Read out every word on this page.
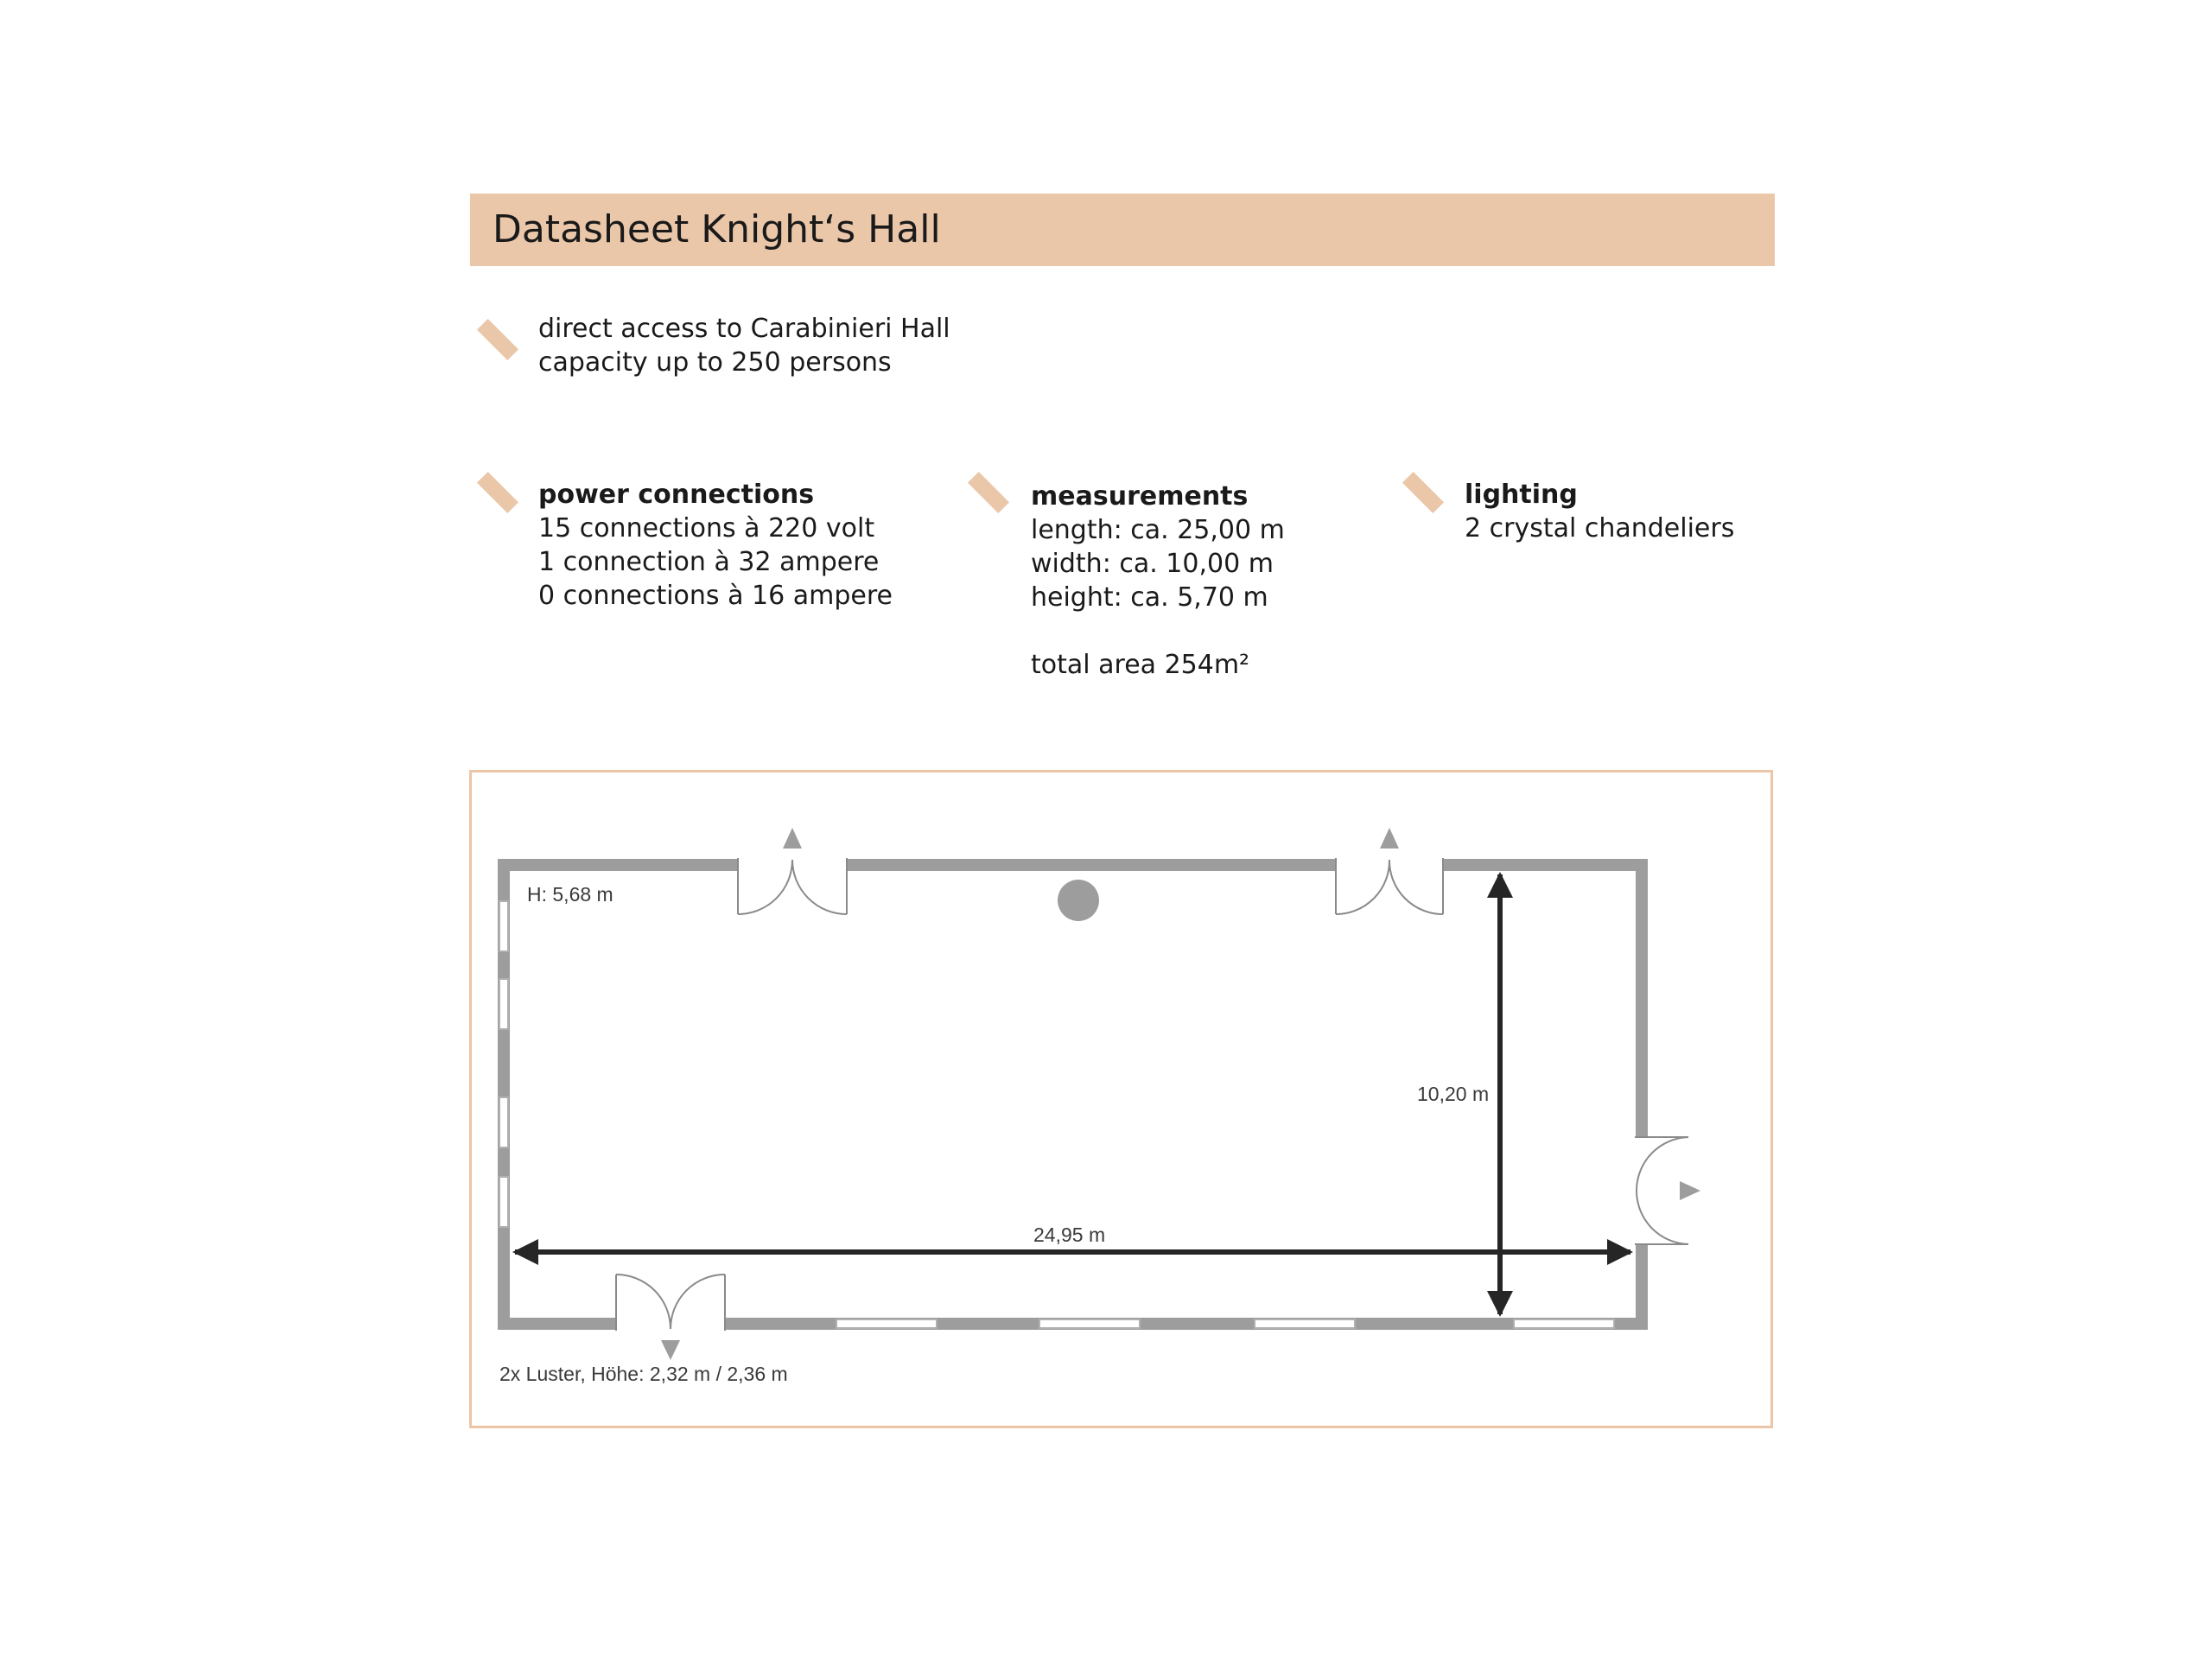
Datasheet Knight‘s Hall
direct access to Carabinieri Hall
capacity up to 250 persons
power connections
15 connections à 220 volt
1 connection à 32 ampere
0 connections à 16 ampere
measurements
length: ca. 25,00 m
width: ca. 10,00 m
height: ca. 5,70 m
total area 254m²
lighting
2 crystal chandeliers
H: 5,68 m
10,20 m
24,95 m
2x Luster, Höhe: 2,32 m / 2,36 m
